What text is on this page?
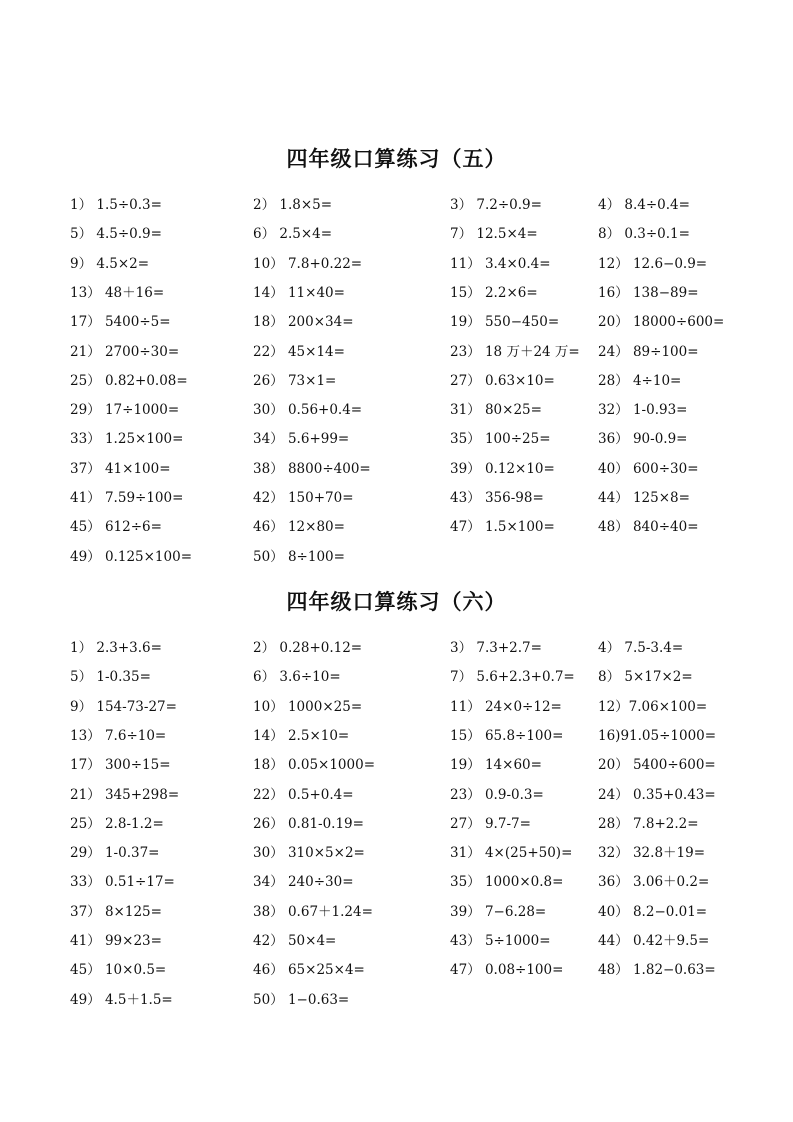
四年级口算练习（五）
1） 1.5÷0.3=	2） 1.8×5=	3） 7.2÷0.9=	4） 8.4÷0.4=
5） 4.5÷0.9=	6） 2.5×4=	7） 12.5×4=	8） 0.3÷0.1=
9） 4.5×2=	10） 7.8+0.22=	11） 3.4×0.4=	12） 12.6−0.9=
13） 48＋16=	14） 11×40=	15） 2.2×6=	16） 138−89=
17） 5400÷5=	18） 200×34=	19） 550−450=	20） 18000÷600=
21） 2700÷30=	22） 45×14=	23） 18 万＋24 万= 24） 89÷100=
25） 0.82+0.08=	26） 73×1=	27） 0.63×10=	28） 4÷10=
29） 17÷1000=	30） 0.56+0.4=	31） 80×25=	32） 1-0.93=
33） 1.25×100=	34） 5.6+99=	35） 100÷25=	36） 90-0.9=
37） 41×100=	38） 8800÷400=	39） 0.12×10=	40） 600÷30=
41） 7.59÷100=	42） 150+70=	43） 356-98=	44） 125×8=
45） 612÷6=	46） 12×80=	47） 1.5×100=	48） 840÷40=
49） 0.125×100=	50） 8÷100=
四年级口算练习（六）
1） 2.3+3.6=	2） 0.28+0.12=	3） 7.3+2.7=	4） 7.5-3.4=
5） 1-0.35=	6） 3.6÷10=	7） 5.6+2.3+0.7= 8） 5×17×2=
9） 154-73-27=	10） 1000×25=	11） 24×0÷12=	12）7.06×100=
13） 7.6÷10=	14） 2.5×10=	15） 65.8÷100=	16)91.05÷1000=
17） 300÷15=	18） 0.05×1000=	19） 14×60=	20） 5400÷600=
21） 345+298=	22） 0.5+0.4=	23） 0.9-0.3=	24） 0.35+0.43=
25） 2.8-1.2=	26） 0.81-0.19=	27） 9.7-7=	28） 7.8+2.2=
29） 1-0.37=	30） 310×5×2=	31） 4×(25+50)= 32） 32.8＋19=
33） 0.51÷17=	34） 240÷30=	35） 1000×0.8=	36） 3.06＋0.2=
37） 8×125=	38） 0.67＋1.24=	39） 7−6.28=	40） 8.2−0.01=
41） 99×23=	42） 50×4=	43） 5÷1000=	44） 0.42＋9.5=
45） 10×0.5=	46） 65×25×4=	47） 0.08÷100=	48） 1.82−0.63=
49） 4.5＋1.5=	50） 1−0.63=
